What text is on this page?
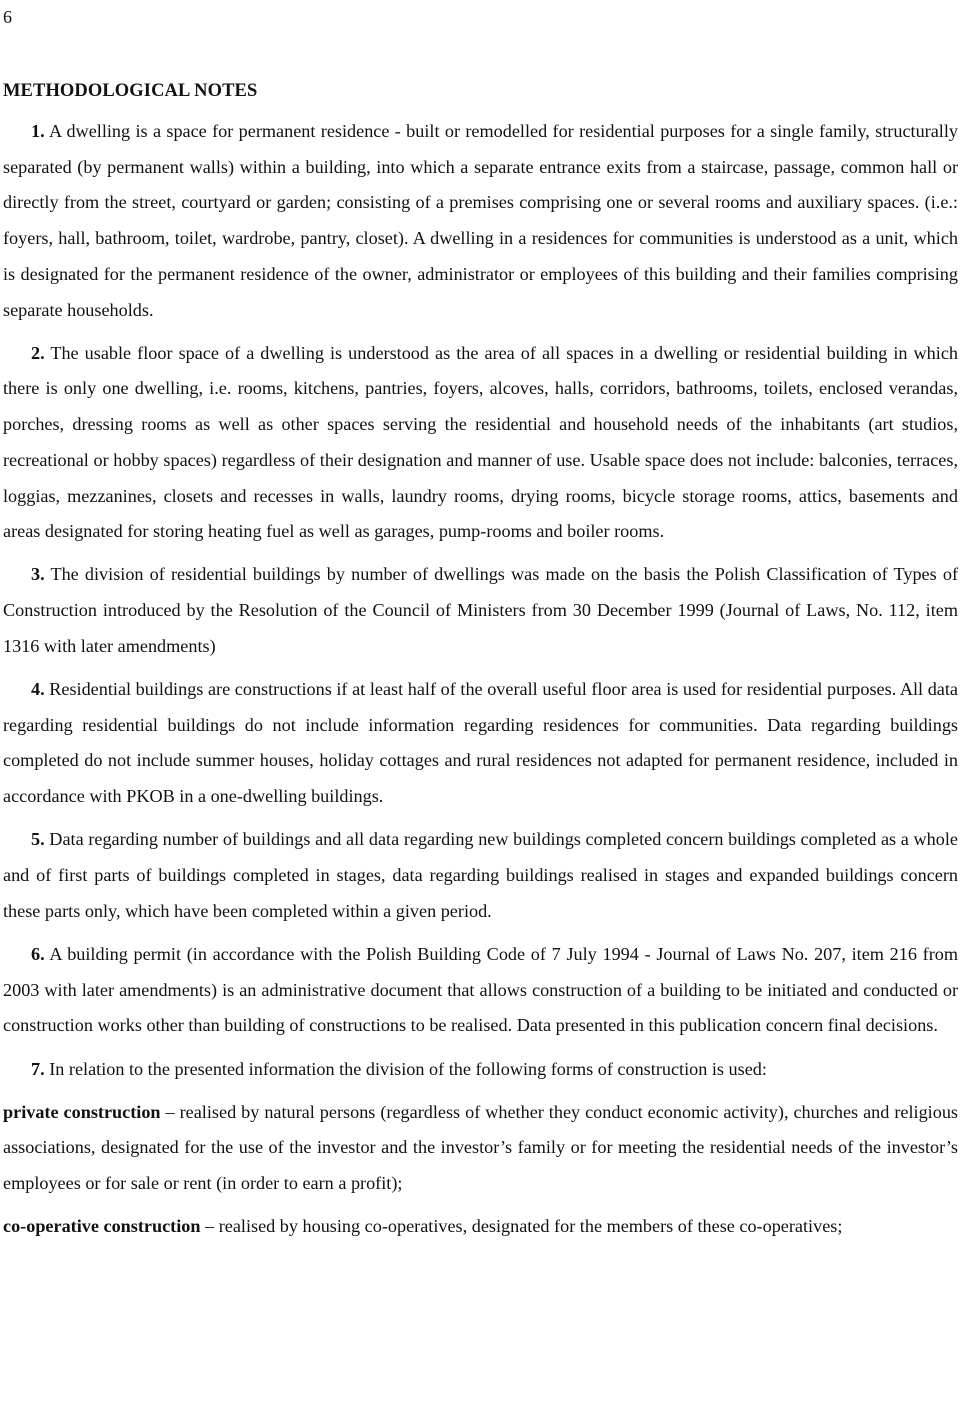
6
METHODOLOGICAL NOTES

1. A dwelling is a space for permanent residence - built or remodelled for residential purposes for a single family, structurally separated (by permanent walls) within a building, into which a separate entrance exits from a staircase, passage, common hall or directly from the street, courtyard or garden; consisting of a premises comprising one or several rooms and auxiliary spaces. (i.e.: foyers, hall, bathroom, toilet, wardrobe, pantry, closet). A dwelling in a residences for communities is understood as a unit, which is designated for the permanent residence of the owner, administrator or employees of this building and their families comprising separate households.

2. The usable floor space of a dwelling is understood as the area of all spaces in a dwelling or residential building in which there is only one dwelling, i.e. rooms, kitchens, pantries, foyers, alcoves, halls, corridors, bathrooms, toilets, enclosed verandas, porches, dressing rooms as well as other spaces serving the residential and household needs of the inhabitants (art studios, recreational or hobby spaces) regardless of their designation and manner of use. Usable space does not include: balconies, terraces, loggias, mezzanines, closets and recesses in walls, laundry rooms, drying rooms, bicycle storage rooms, attics, basements and areas designated for storing heating fuel as well as garages, pump-rooms and boiler rooms.

3. The division of residential buildings by number of dwellings was made on the basis the Polish Classification of Types of Construction introduced by the Resolution of the Council of Ministers from 30 December 1999 (Journal of Laws, No. 112, item 1316 with later amendments)

4. Residential buildings are constructions if at least half of the overall useful floor area is used for residential purposes. All data regarding residential buildings do not include information regarding residences for communities. Data regarding buildings completed do not include summer houses, holiday cottages and rural residences not adapted for permanent residence, included in accordance with PKOB in a one-dwelling buildings.

5. Data regarding number of buildings and all data regarding new buildings completed concern buildings completed as a whole and of first parts of buildings completed in stages, data regarding buildings realised in stages and expanded buildings concern these parts only, which have been completed within a given period.

6. A building permit (in accordance with the Polish Building Code of 7 July 1994 - Journal of Laws No. 207, item 216 from 2003 with later amendments) is an administrative document that allows construction of a building to be initiated and conducted or construction works other than building of constructions to be realised. Data presented in this publication concern final decisions.

7. In relation to the presented information the division of the following forms of construction is used:

private construction – realised by natural persons (regardless of whether they conduct economic activity), churches and religious associations, designated for the use of the investor and the investor’s family or for meeting the residential needs of the investor’s employees or for sale or rent (in order to earn a profit);

co-operative construction – realised by housing co-operatives, designated for the members of these co-operatives;
